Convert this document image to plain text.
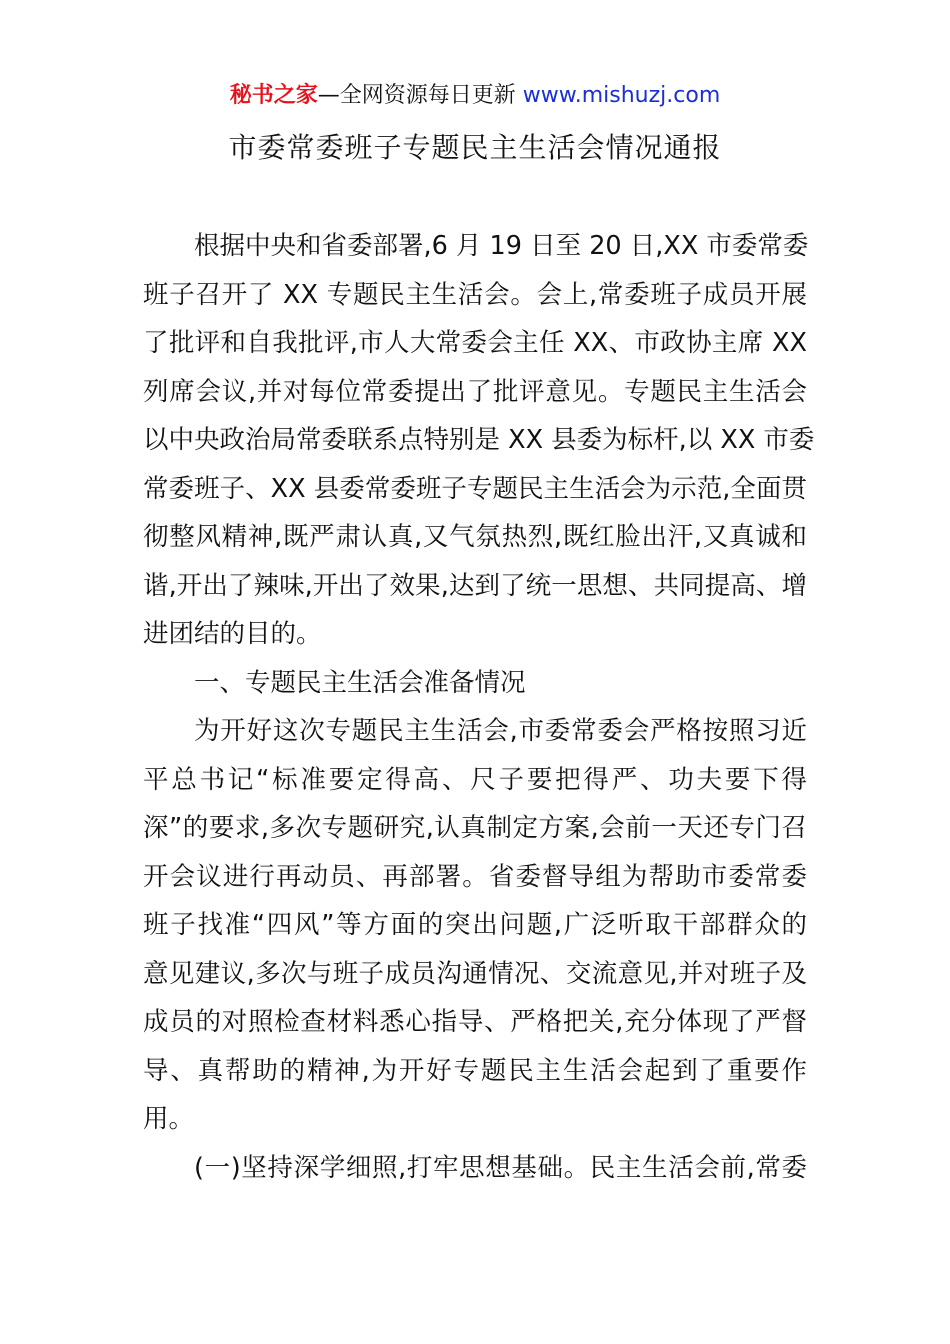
秘书之家—全网资源每日更新 www.mishuzj.com
市委常委班子专题民主生活会情况通报
根据中央和省委部署,6 月 19 日至 20 日,XX 市委常委
班子召开了 XX 专题民主生活会。会上,常委班子成员开展
了批评和自我批评,市人大常委会主任 XX、市政协主席 XX
列席会议,并对每位常委提出了批评意见。专题民主生活会
以中央政治局常委联系点特别是 XX 县委为标杆,以 XX 市委
常委班子、XX 县委常委班子专题民主生活会为示范,全面贯
彻整风精神,既严肃认真,又气氛热烈,既红脸出汗,又真诚和
谐,开出了辣味,开出了效果,达到了统一思想、共同提高、增
进团结的目的。
一、专题民主生活会准备情况
为开好这次专题民主生活会,市委常委会严格按照习近
平总书记“标准要定得高、尺子要把得严、功夫要下得
深”的要求,多次专题研究,认真制定方案,会前一天还专门召
开会议进行再动员、再部署。省委督导组为帮助市委常委
班子找准“四风”等方面的突出问题,广泛听取干部群众的
意见建议,多次与班子成员沟通情况、交流意见,并对班子及
成员的对照检查材料悉心指导、严格把关,充分体现了严督
导、真帮助的精神,为开好专题民主生活会起到了重要作
用。
(一)坚持深学细照,打牢思想基础。民主生活会前,常委
